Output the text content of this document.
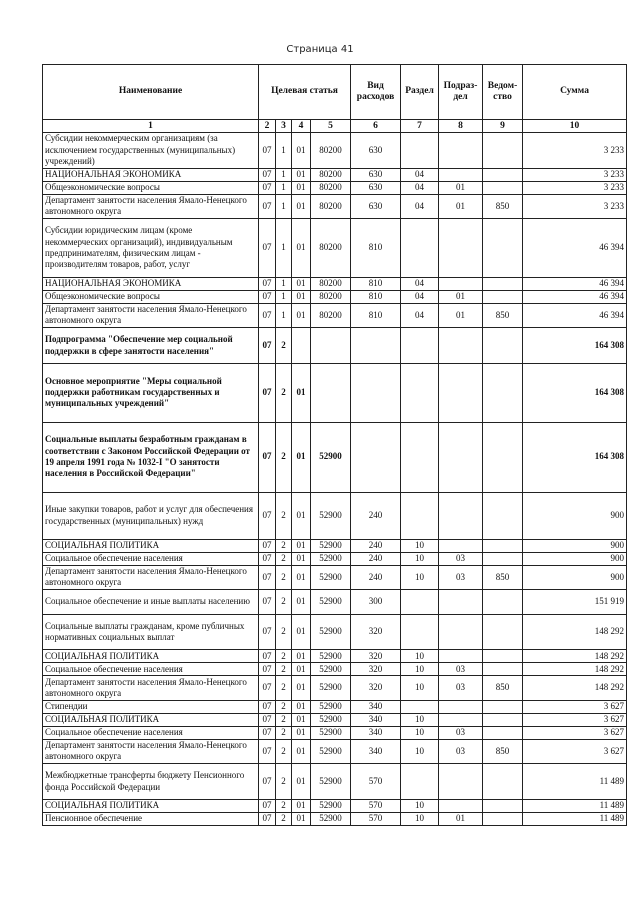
Страница 41
Наименование	Целевая статья				Вид расходов	Раздел	Подраз-дел	Ведом-ство	Сумма
1	2	3	4	5	6	7	8	9	10
Субсидии некоммерческим организациям (за исключением государственных (муниципальных) учреждений)	07	1	01	80200	630				3 233
НАЦИОНАЛЬНАЯ ЭКОНОМИКА	07	1	01	80200	630	04			3 233
Общеэкономические вопросы	07	1	01	80200	630	04	01		3 233
Департамент занятости населения Ямало-Ненецкого автономного округа	07	1	01	80200	630	04	01	850	3 233
Субсидии юридическим лицам (кроме некоммерческих организаций), индивидуальным предпринимателям, физическим лицам - производителям товаров, работ, услуг	07	1	01	80200	810				46 394
НАЦИОНАЛЬНАЯ ЭКОНОМИКА	07	1	01	80200	810	04			46 394
Общеэкономические вопросы	07	1	01	80200	810	04	01		46 394
Департамент занятости населения Ямало-Ненецкого автономного округа	07	1	01	80200	810	04	01	850	46 394
Подпрограмма "Обеспечение мер социальной поддержки в сфере занятости населения"	07	2							164 308
Основное мероприятие "Меры социальной поддержки работникам государственных и муниципальных учреждений"	07	2	01						164 308
Социальные выплаты безработным гражданам в соответствии с Законом Российской Федерации от 19 апреля 1991 года № 1032-I "О занятости населения в Российской Федерации"	07	2	01	52900					164 308
Иные закупки товаров, работ и услуг для обеспечения государственных (муниципальных) нужд	07	2	01	52900	240				900
СОЦИАЛЬНАЯ ПОЛИТИКА	07	2	01	52900	240	10			900
Социальное обеспечение населения	07	2	01	52900	240	10	03		900
Департамент занятости населения Ямало-Ненецкого автономного округа	07	2	01	52900	240	10	03	850	900
Социальное обеспечение и иные выплаты населению	07	2	01	52900	300				151 919
Социальные выплаты гражданам, кроме публичных нормативных социальных выплат	07	2	01	52900	320				148 292
СОЦИАЛЬНАЯ ПОЛИТИКА	07	2	01	52900	320	10			148 292
Социальное обеспечение населения	07	2	01	52900	320	10	03		148 292
Департамент занятости населения Ямало-Ненецкого автономного округа	07	2	01	52900	320	10	03	850	148 292
Стипендии	07	2	01	52900	340				3 627
СОЦИАЛЬНАЯ ПОЛИТИКА	07	2	01	52900	340	10			3 627
Социальное обеспечение населения	07	2	01	52900	340	10	03		3 627
Департамент занятости населения Ямало-Ненецкого автономного округа	07	2	01	52900	340	10	03	850	3 627
Межбюджетные трансферты бюджету Пенсионного фонда Российской Федерации	07	2	01	52900	570				11 489
СОЦИАЛЬНАЯ ПОЛИТИКА	07	2	01	52900	570	10			11 489
Пенсионное обеспечение	07	2	01	52900	570	10	01		11 489
